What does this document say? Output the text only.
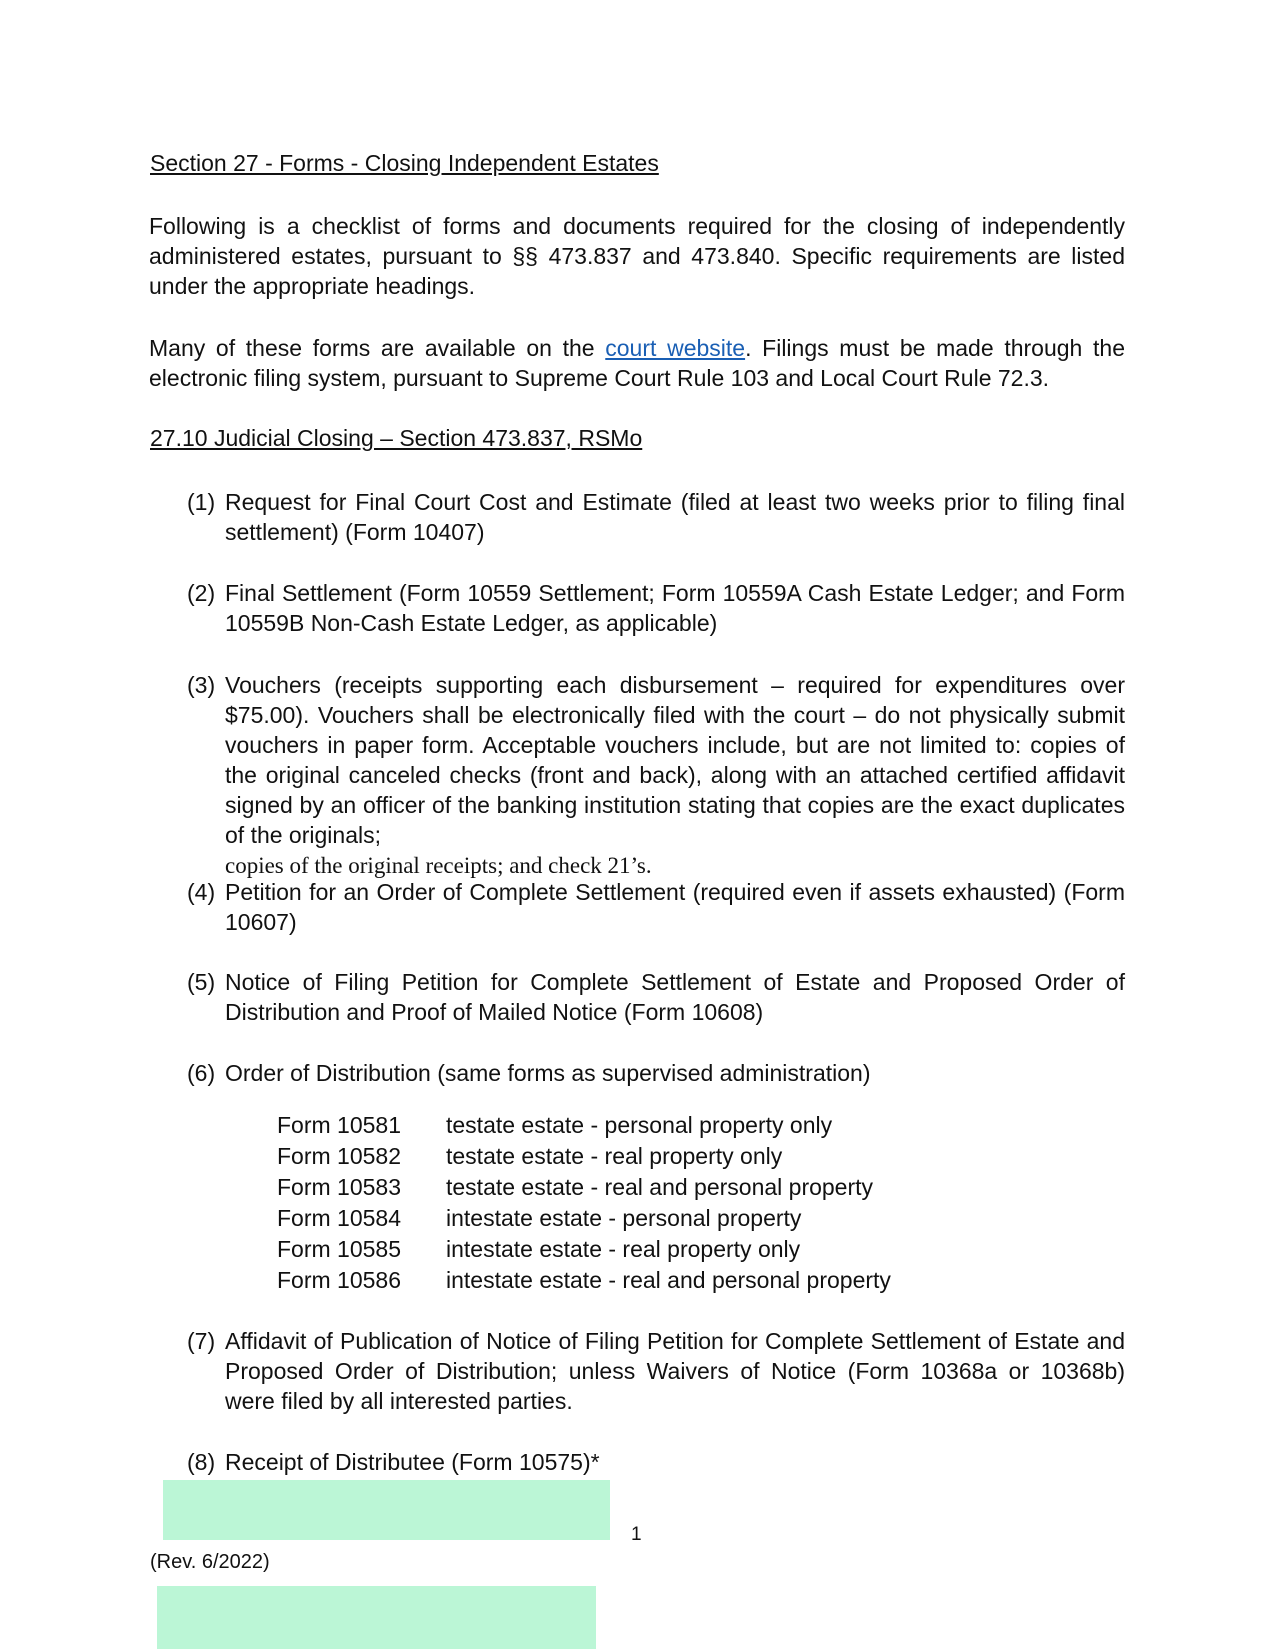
Section 27 - Forms - Closing Independent Estates
Following is a checklist of forms and documents required for the closing of independently administered estates, pursuant to §§ 473.837 and 473.840. Specific requirements are listed under the appropriate headings.
Many of these forms are available on the court website. Filings must be made through the electronic filing system, pursuant to Supreme Court Rule 103 and Local Court Rule 72.3.
27.10 Judicial Closing – Section 473.837, RSMo
(1) Request for Final Court Cost and Estimate (filed at least two weeks prior to filing final settlement) (Form 10407)
(2) Final Settlement (Form 10559 Settlement; Form 10559A Cash Estate Ledger; and Form 10559B Non-Cash Estate Ledger, as applicable)
(3) Vouchers (receipts supporting each disbursement – required for expenditures over $75.00). Vouchers shall be electronically filed with the court – do not physically submit vouchers in paper form. Acceptable vouchers include, but are not limited to: copies of the original canceled checks (front and back), along with an attached certified affidavit signed by an officer of the banking institution stating that copies are the exact duplicates of the originals;
copies of the original receipts; and check 21’s.
(4) Petition for an Order of Complete Settlement (required even if assets exhausted) (Form 10607)
(5) Notice of Filing Petition for Complete Settlement of Estate and Proposed Order of Distribution and Proof of Mailed Notice (Form 10608)
(6) Order of Distribution (same forms as supervised administration)
Form 10581 testate estate - personal property only
Form 10582 testate estate - real property only
Form 10583 testate estate - real and personal property
Form 10584 intestate estate - personal property
Form 10585 intestate estate - real property only
Form 10586 intestate estate - real and personal property
(7) Affidavit of Publication of Notice of Filing Petition for Complete Settlement of Estate and Proposed Order of Distribution; unless Waivers of Notice (Form 10368a or 10368b) were filed by all interested parties.
(8) Receipt of Distributee (Form 10575)*
1
(Rev. 6/2022)
